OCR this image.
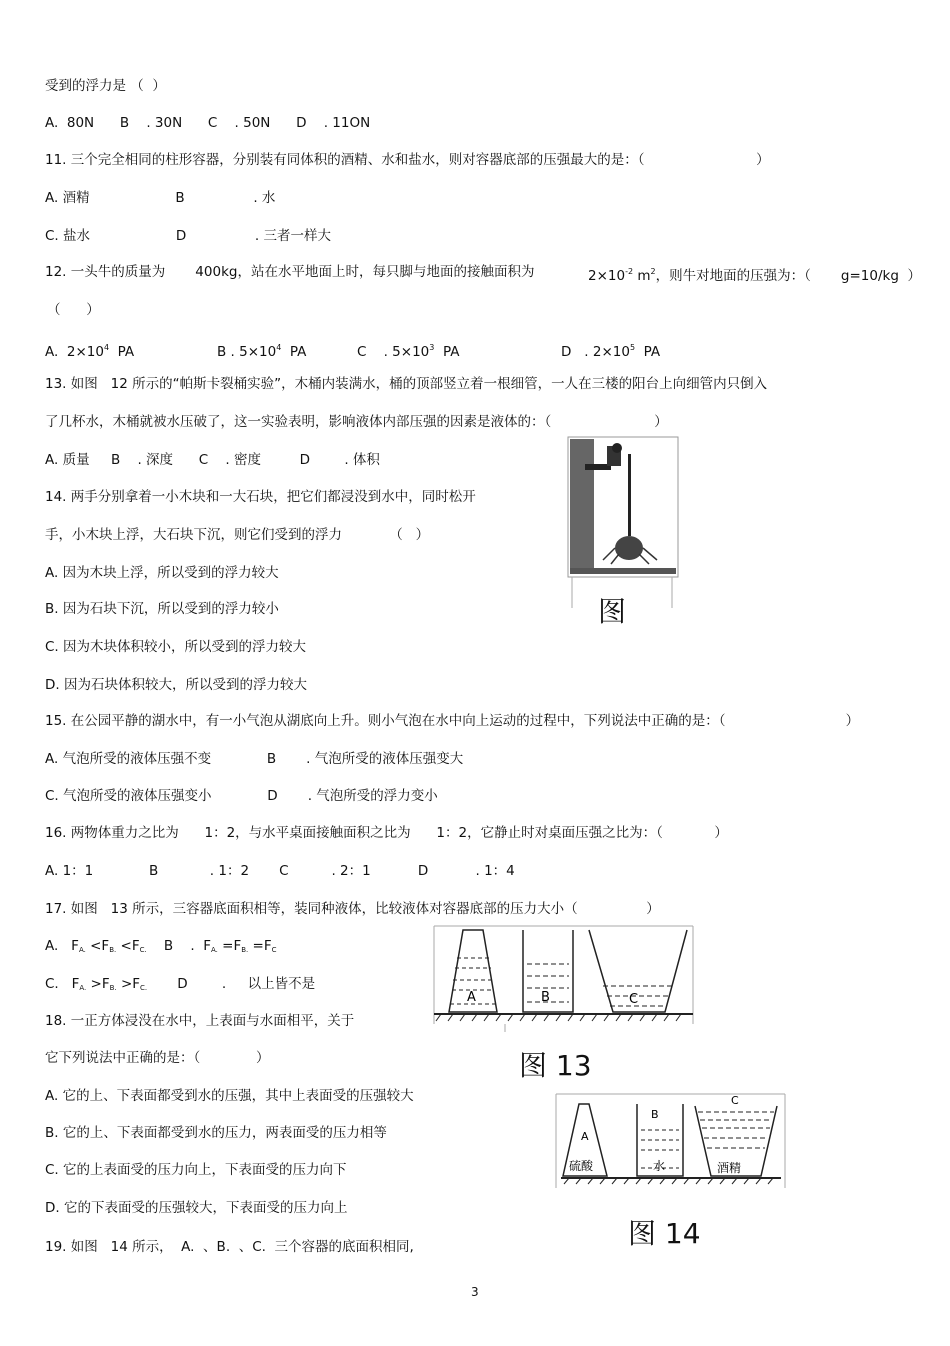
受到的浮力是 （  ）
A.  80N      B    . 30N      C    . 50N      D    . 11ON
11. 三个完全相同的柱形容器，分别装有同体积的酒精、水和盐水，则对容器底部的压强最大的是：（                          ）
A. 酒精                    B                . 水
C. 盐水                    D                . 三者一样大
12. 一头牛的质量为       400kg，站在水平地面上时，每只脚与地面的接触面积为	$2\times 10^{-2}$ $m^2$，则牛对地面的压强为：（       g=10/kg  ）
（      ）
A.  $2\times 10^4$  PA	B . $5\times 10^4$  PA	C    . $5\times 10^3$  PA	D   . $2\times 10^5$  PA
13. 如图   12 所示的“帕斯卡裂桶实验”，木桶内装满水，桶的顶部竖立着一根细管，一人在三楼的阳台上向细管内只倒入
了几杯水，木桶就被水压破了，这一实验表明，影响液体内部压强的因素是液体的：（                        ）
A. 质量     B    . 深度      C    . 密度         D        . 体积
14. 两手分别拿着一小木块和一大石块，把它们都浸没到水中，同时松开
手，小木块上浮，大石块下沉，则它们受到的浮力           （   ）
A. 因为木块上浮，所以受到的浮力较大
B. 因为石块下沉，所以受到的浮力较小
C. 因为木块体积较小，所以受到的浮力较大
D. 因为石块体积较大，所以受到的浮力较大
15. 在公园平静的湖水中，有一小气泡从湖底向上升。则小气泡在水中向上运动的过程中，下列说法中正确的是：（                            ）
A. 气泡所受的液体压强不变             B       . 气泡所受的液体压强变大
C. 气泡所受的液体压强变小             D       . 气泡所受的浮力变小
16. 两物体重力之比为      1：2，与水平桌面接触面积之比为      1：2，它静止时对桌面压强之比为：（            ）
A. 1：1             B            . 1：2       C          . 2：1           D           . 1：4
17. 如图   13 所示，三容器底面积相等，装同种液体，比较液体对容器底部的压力大小（                ）
A.   $F_{A.} <F_{B.} <F_{C.}$    B    .  $F_{A.} =F_{B.} =F_C$
C.   $F_{A.} >F_{B.} >F_{C.}$       D        .     以上皆不是
18. 一正方体浸没在水中，上表面与水面相平，关于
它下列说法中正确的是：（             ）
A. 它的上、下表面都受到水的压强，其中上表面受的压强较大
B. 它的上、下表面都受到水的压力，两表面受的压力相等
C. 它的上表面受的压力向上，下表面受的压力向下
D. 它的下表面受的压强较大，下表面受的压力向上
19. 如图   14 所示，  A.  、B.  、C.  三个容器的底面积相同,
图
A	B	C
图 13
A
B
C
硫酸	水	酒精
图 14
3
